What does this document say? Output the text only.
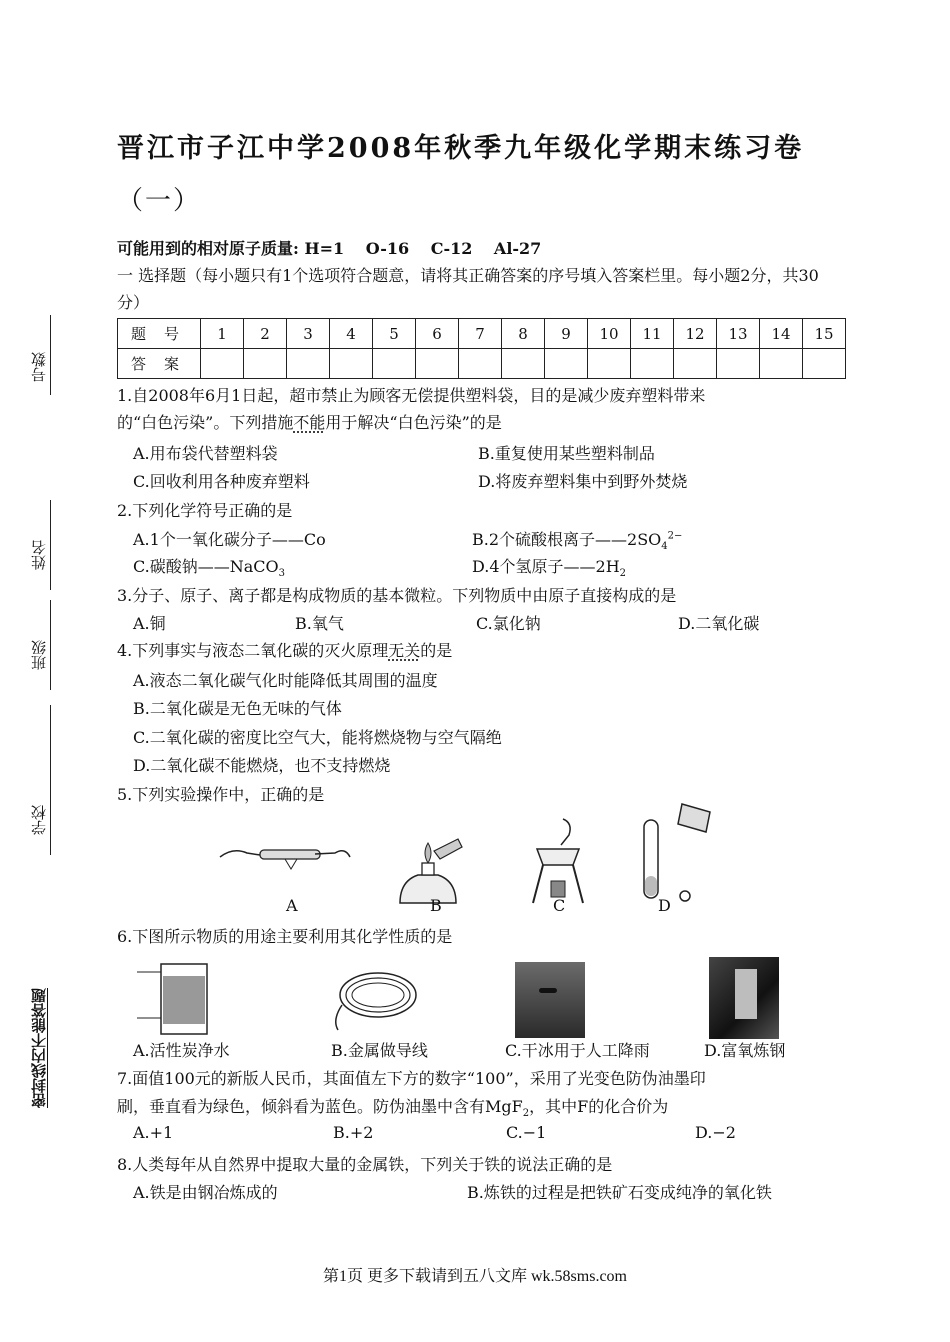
晋江市子江中学2008年秋季九年级化学期末练习卷
（一）
可能用到的相对原子质量: H=1　 O-16　 C-12　 Al-27
一 选择题（每小题只有1个选项符合题意，请将其正确答案的序号填入答案栏里。每小题2分，共30分）
题号	1	2	3	4	5	6	7	8	9	10	11	12	13	14	15
答案															
号数
姓名
班级
学校
密封线内不能答题
1.自2008年6月1日起，超市禁止为顾客无偿提供塑料袋，目的是减少废弃塑料带来
的“白色污染”。下列措施不能用于解决“白色污染”的是
A.用布袋代替塑料袋	B.重复使用某些塑料制品
C.回收利用各种废弃塑料	D.将废弃塑料集中到野外焚烧
2.下列化学符号正确的是
A.1个一氧化碳分子——Co	B.2个硫酸根离子$——2SO_4^{2-}$
C.碳酸钠——NaCO$_3$	D.4个氢原子$——2H_2$
3.分子、原子、离子都是构成物质的基本微粒。下列物质中由原子直接构成的是
A.铜	B.氧气	C.氯化钠	D.二氧化碳
4.下列事实与液态二氧化碳的灭火原理无关的是
A.液态二氧化碳气化时能降低其周围的温度
B.二氧化碳是无色无味的气体
C.二氧化碳的密度比空气大，能将燃烧物与空气隔绝
D.二氧化碳不能燃烧，也不支持燃烧
5.下列实验操作中，正确的是
A	B	C	D
6.下图所示物质的用途主要利用其化学性质的是
A.活性炭净水	B.金属做导线	C.干冰用于人工降雨	D.富氧炼钢
7.面值100元的新版人民币，其面值左下方的数字“100”，采用了光变色防伪油墨印
刷，垂直看为绿色，倾斜看为蓝色。防伪油墨中含有MgF$_2$，其中F的化合价为
A.+1	B.+2	C.−1	D.−2
8.人类每年从自然界中提取大量的金属铁，下列关于铁的说法正确的是
A.铁是由钢冶炼成的	B.炼铁的过程是把铁矿石变成纯净的氧化铁
第1页 更多下载请到五八文库 wk.58sms.com
